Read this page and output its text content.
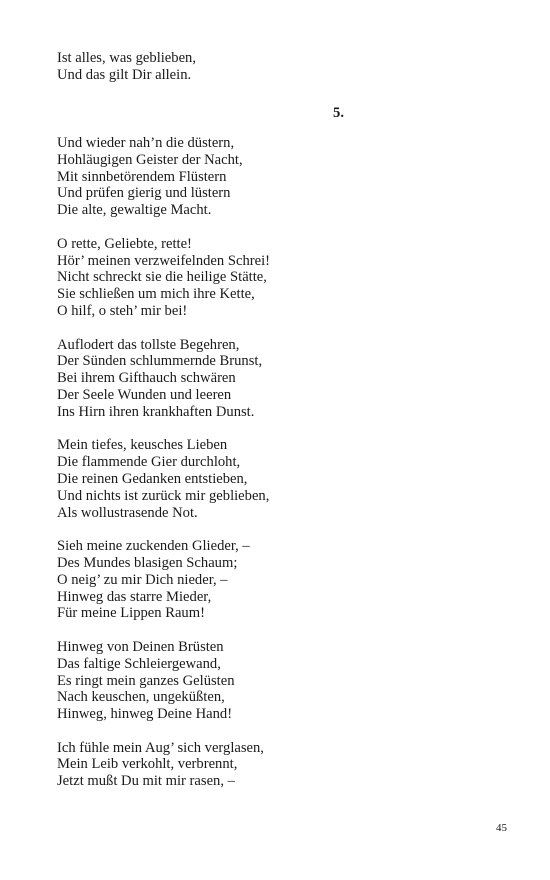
Ist alles, was geblieben,
Und das gilt Dir allein.
5.
Und wieder nah’n die düstern,
Hohläugigen Geister der Nacht,
Mit sinnbetörendem Flüstern
Und prüfen gierig und lüstern
Die alte, gewaltige Macht.
O rette, Geliebte, rette!
Hör’ meinen verzweifelnden Schrei!
Nicht schreckt sie die heilige Stätte,
Sie schließen um mich ihre Kette,
O hilf, o steh’ mir bei!
Auflodert das tollste Begehren,
Der Sünden schlummernde Brunst,
Bei ihrem Gifthauch schwären
Der Seele Wunden und leeren
Ins Hirn ihren krankhaften Dunst.
Mein tiefes, keusches Lieben
Die flammende Gier durchloht,
Die reinen Gedanken entstieben,
Und nichts ist zurück mir geblieben,
Als wollustrasende Not.
Sieh meine zuckenden Glieder, –
Des Mundes blasigen Schaum;
O neig’ zu mir Dich nieder, –
Hinweg das starre Mieder,
Für meine Lippen Raum!
Hinweg von Deinen Brüsten
Das faltige Schleiergewand,
Es ringt mein ganzes Gelüsten
Nach keuschen, ungeküßten,
Hinweg, hinweg Deine Hand!
Ich fühle mein Aug’ sich verglasen,
Mein Leib verkohlt, verbrennt,
Jetzt mußt Du mit mir rasen, –
45
